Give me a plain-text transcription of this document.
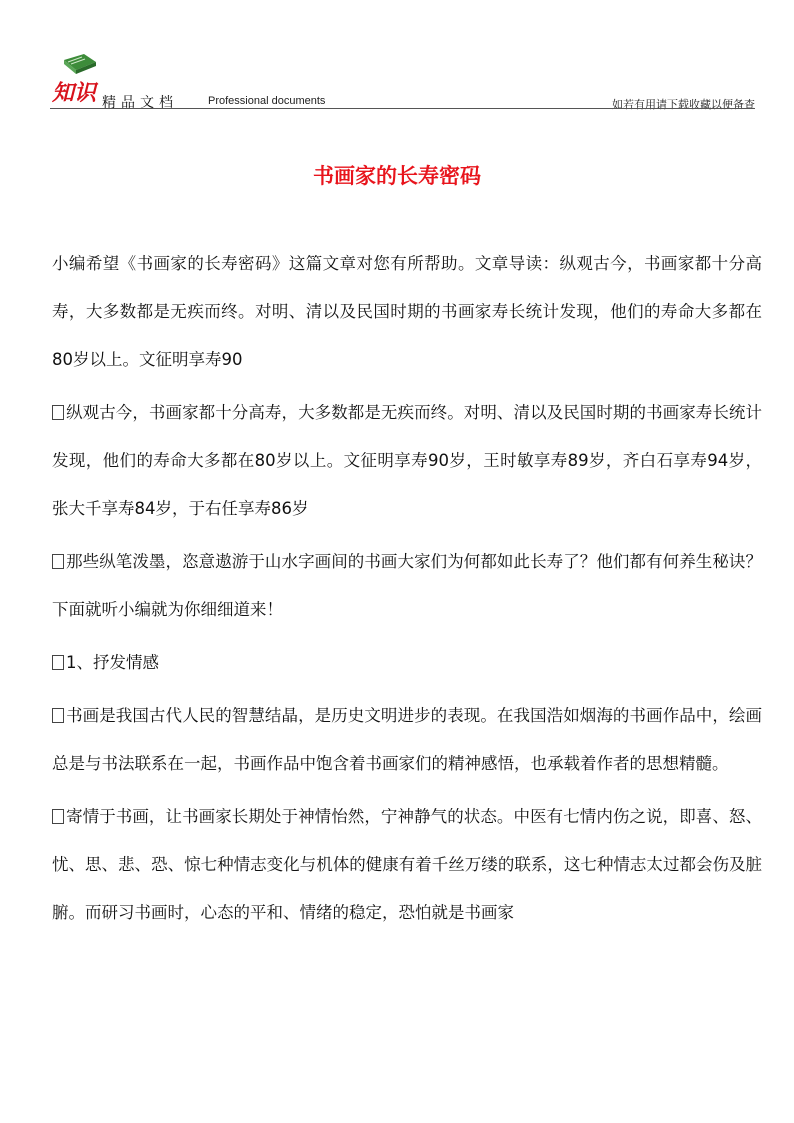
知识 精品文档	Professional documents	如若有用请下载收藏以便备查
书画家的长寿密码

小编希望《书画家的长寿密码》这篇文章对您有所帮助。文章导读：纵观古今，书画家都十分高寿，大多数都是无疾而终。对明、清以及民国时期的书画家寿长统计发现，他们的寿命大多都在80岁以上。文征明享寿90

纵观古今，书画家都十分高寿，大多数都是无疾而终。对明、清以及民国时期的书画家寿长统计发现，他们的寿命大多都在80岁以上。文征明享寿90岁，王时敏享寿89岁，齐白石享寿94岁，张大千享寿84岁，于右任享寿86岁

那些纵笔泼墨，恣意遨游于山水字画间的书画大家们为何都如此长寿了？他们都有何养生秘诀？下面就听小编就为你细细道来！

1、抒发情感

书画是我国古代人民的智慧结晶，是历史文明进步的表现。在我国浩如烟海的书画作品中，绘画总是与书法联系在一起，书画作品中饱含着书画家们的精神感悟，也承载着作者的思想精髓。

寄情于书画，让书画家长期处于神情怡然，宁神静气的状态。中医有七情内伤之说，即喜、怒、忧、思、悲、恐、惊七种情志变化与机体的健康有着千丝万缕的联系，这七种情志太过都会伤及脏腑。而研习书画时，心态的平和、情绪的稳定，恐怕就是书画家
